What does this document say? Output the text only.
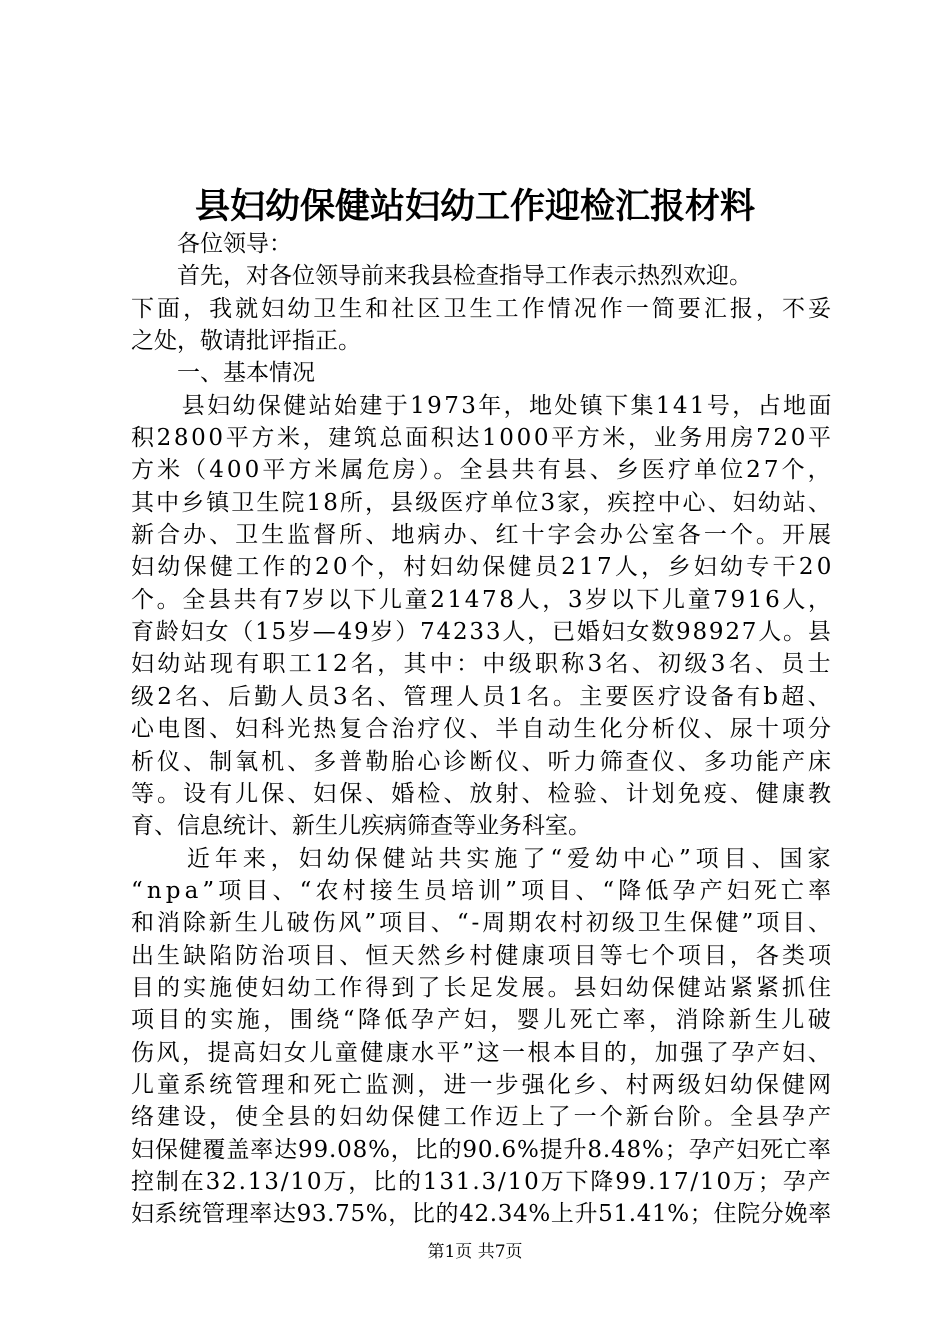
县妇幼保健站妇幼工作迎检汇报材料
　　各位领导：
　　首先，对各位领导前来我县检查指导工作表示热烈欢迎。
下面，我就妇幼卫生和社区卫生工作情况作一简要汇报，不妥
之处，敬请批评指正。
　　一、基本情况
　　县妇幼保健站始建于1973年，地处镇下集141号，占地面
积2800平方米，建筑总面积达1000平方米，业务用房720平
方米（400平方米属危房）。全县共有县、乡医疗单位27个，
其中乡镇卫生院18所，县级医疗单位3家，疾控中心、妇幼站、
新合办、卫生监督所、地病办、红十字会办公室各一个。开展
妇幼保健工作的20个，村妇幼保健员217人，乡妇幼专干20
个。全县共有7岁以下儿童21478人，3岁以下儿童7916人，
育龄妇女（15岁—49岁）74233人，已婚妇女数98927人。县
妇幼站现有职工12名，其中：中级职称3名、初级3名、员士
级2名、后勤人员3名、管理人员1名。主要医疗设备有b超、
心电图、妇科光热复合治疗仪、半自动生化分析仪、尿十项分
析仪、制氧机、多普勒胎心诊断仪、听力筛查仪、多功能产床
等。设有儿保、妇保、婚检、放射、检验、计划免疫、健康教
育、信息统计、新生儿疾病筛查等业务科室。
　　近年来，妇幼保健站共实施了“爱幼中心”项目、国家
“npa”项目、“农村接生员培训”项目、“降低孕产妇死亡率
和消除新生儿破伤风”项目、“-周期农村初级卫生保健”项目、
出生缺陷防治项目、恒天然乡村健康项目等七个项目，各类项
目的实施使妇幼工作得到了长足发展。县妇幼保健站紧紧抓住
项目的实施，围绕“降低孕产妇，婴儿死亡率，消除新生儿破
伤风，提高妇女儿童健康水平”这一根本目的，加强了孕产妇、
儿童系统管理和死亡监测，进一步强化乡、村两级妇幼保健网
络建设，使全县的妇幼保健工作迈上了一个新台阶。全县孕产
妇保健覆盖率达99.08%，比的90.6%提升8.48%；孕产妇死亡率
控制在32.13/10万，比的131.3/10万下降99.17/10万；孕产
妇系统管理率达93.75%，比的42.34%上升51.41%；住院分娩率
第1页 共7页
